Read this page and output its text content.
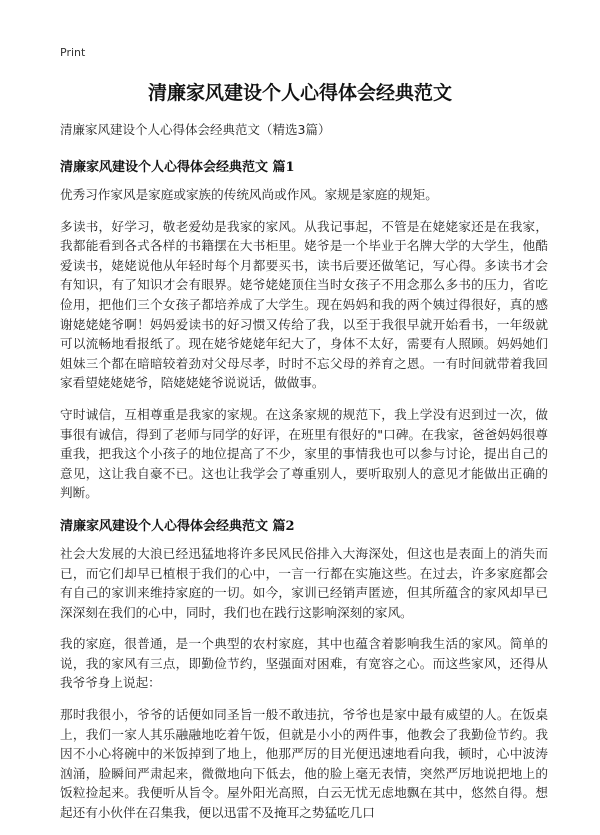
Print
清廉家风建设个人心得体会经典范文

清廉家风建设个人心得体会经典范文（精选3篇）

清廉家风建设个人心得体会经典范文 篇1

优秀习作家风是家庭或家族的传统风尚或作风。家规是家庭的规矩。

多读书，好学习，敬老爱幼是我家的家风。从我记事起，不管是在姥姥家还是在我家，我都能看到各式各样的书籍摆在大书柜里。姥爷是一个毕业于名牌大学的大学生，他酷爱读书，姥姥说他从年轻时每个月都要买书，读书后要还做笔记，写心得。多读书才会有知识，有了知识才会有眼界。姥爷姥姥顶住当时女孩子不用念那么多书的压力，省吃俭用，把他们三个女孩子都培养成了大学生。现在妈妈和我的两个姨过得很好，真的感谢姥姥姥爷啊！妈妈爱读书的好习惯又传给了我，以至于我很早就开始看书，一年级就可以流畅地看报纸了。现在姥爷姥姥年纪大了，身体不太好，需要有人照顾。妈妈她们姐妹三个都在暗暗较着劲对父母尽孝，时时不忘父母的养育之恩。一有时间就带着我回家看望姥姥姥爷，陪姥姥姥爷说说话，做做事。

守时诚信，互相尊重是我家的家规。在这条家规的规范下，我上学没有迟到过一次，做事很有诚信，得到了老师与同学的好评，在班里有很好的"口碑。在我家，爸爸妈妈很尊重我，把我这个小孩子的地位提高了不少，家里的事情我也可以参与讨论，提出自己的意见，这让我自豪不已。这也让我学会了尊重别人，要听取别人的意见才能做出正确的判断。

清廉家风建设个人心得体会经典范文 篇2

社会大发展的大浪已经迅猛地将许多民风民俗排入大海深处，但这也是表面上的消失而已，而它们却早已植根于我们的心中，一言一行都在实施这些。在过去，许多家庭都会有自己的家训来维持家庭的一切。如今，家训已经销声匿迹，但其所蕴含的家风却早已深深刻在我们的心中，同时，我们也在践行这影响深刻的家风。

我的家庭，很普通，是一个典型的农村家庭，其中也蕴含着影响我生活的家风。简单的说，我的家风有三点，即勤俭节约，坚强面对困难，有宽容之心。而这些家风，还得从我爷爷身上说起：

那时我很小，爷爷的话便如同圣旨一般不敢违抗，爷爷也是家中最有威望的人。在饭桌上，我们一家人其乐融融地吃着午饭，但就是小小的两件事，他教会了我勤俭节约。我因不小心将碗中的米饭掉到了地上，他那严厉的目光便迅速地看向我，顿时，心中波涛汹涌，脸瞬间严肃起来，微微地向下低去，他的脸上毫无表情，突然严厉地说把地上的饭粒捡起来。我便听从旨令。屋外阳光高照，白云无忧无虑地飘在其中，悠然自得。想起还有小伙伴在召集我，便以迅雷不及掩耳之势猛吃几口
